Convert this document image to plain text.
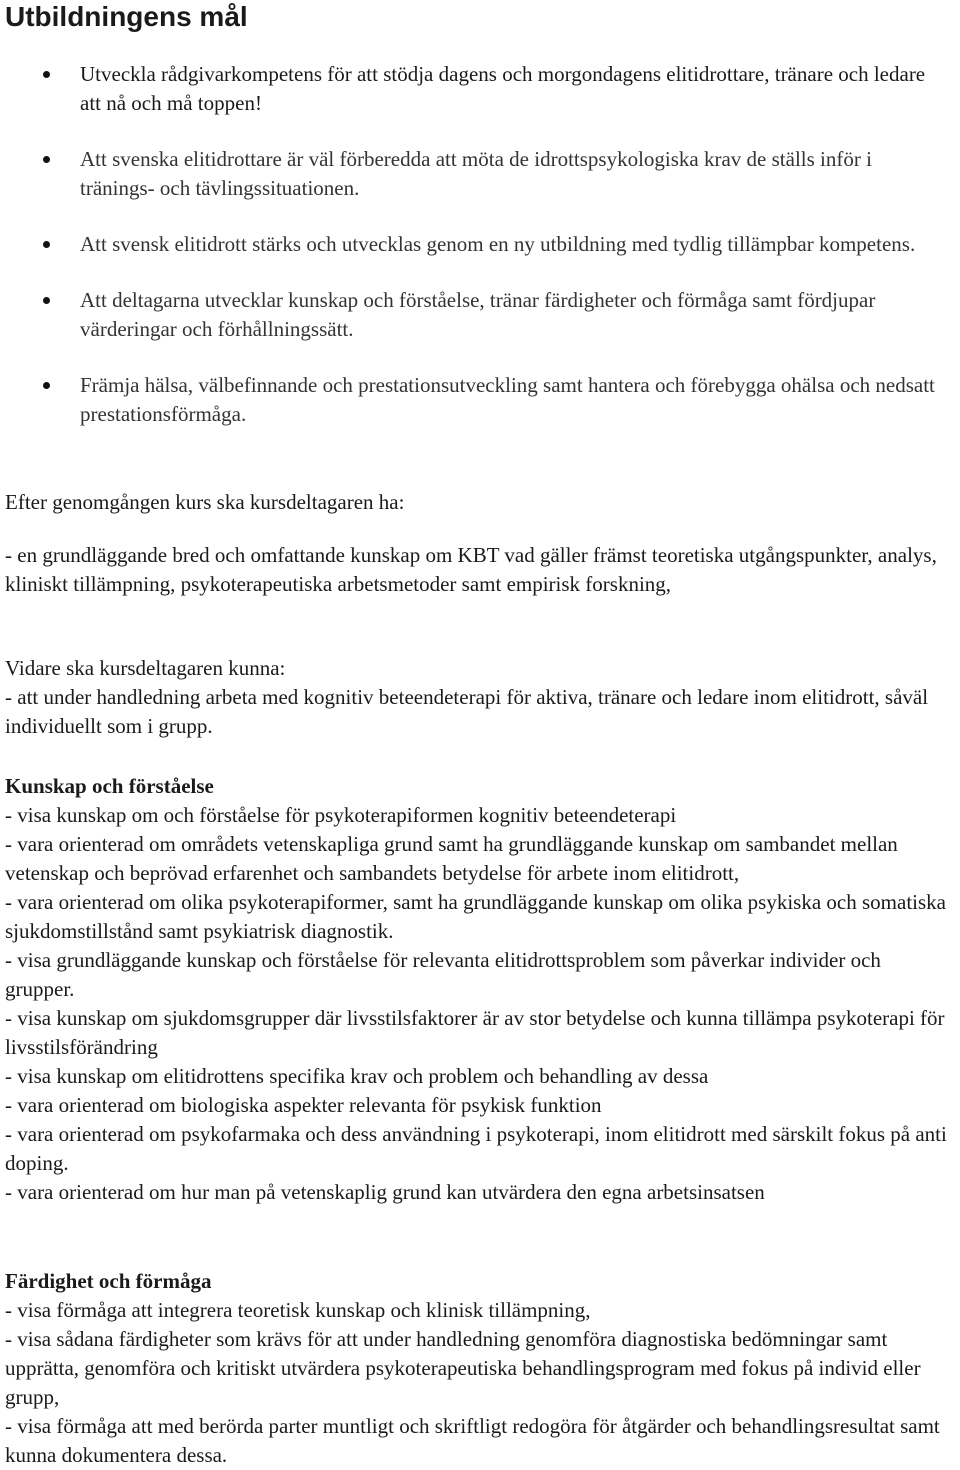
Utbildningens mål
Utveckla rådgivarkompetens för att stödja dagens och morgondagens elitidrottare, tränare och ledare att nå och må toppen!
Att svenska elitidrottare är väl förberedda att möta de idrottspsykologiska krav de ställs inför i tränings- och tävlingssituationen.
Att svensk elitidrott stärks och utvecklas genom en ny utbildning med tydlig tillämpbar kompetens.
Att deltagarna utvecklar kunskap och förståelse, tränar färdigheter och förmåga samt fördjupar värderingar och förhållningssätt.
Främja hälsa, välbefinnande och prestationsutveckling samt hantera och förebygga ohälsa och nedsatt prestationsförmåga.

Efter genomgången kurs ska kursdeltagaren ha:

- en grundläggande bred och omfattande kunskap om KBT vad gäller främst teoretiska utgångspunkter, analys, kliniskt tillämpning, psykoterapeutiska arbetsmetoder samt empirisk forskning,

Vidare ska kursdeltagaren kunna:
- att under handledning arbeta med kognitiv beteendeterapi för aktiva, tränare och ledare inom elitidrott, såväl individuellt som i grupp.
Kunskap och förståelse
- visa kunskap om och förståelse för psykoterapiformen kognitiv beteendeterapi
- vara orienterad om områdets vetenskapliga grund samt ha grundläggande kunskap om sambandet mellan vetenskap och beprövad erfarenhet och sambandets betydelse för arbete inom elitidrott,
- vara orienterad om olika psykoterapiformer, samt ha grundläggande kunskap om olika psykiska och somatiska sjukdomstillstånd samt psykiatrisk diagnostik.
- visa grundläggande kunskap och förståelse för relevanta elitidrottsproblem som påverkar individer och grupper.
- visa kunskap om sjukdomsgrupper där livsstilsfaktorer är av stor betydelse och kunna tillämpa psykoterapi för livsstilsförändring
- visa kunskap om elitidrottens specifika krav och problem och behandling av dessa
- vara orienterad om biologiska aspekter relevanta för psykisk funktion
- vara orienterad om psykofarmaka och dess användning i psykoterapi, inom elitidrott med särskilt fokus på anti doping.
- vara orienterad om hur man på vetenskaplig grund kan utvärdera den egna arbetsinsatsen
Färdighet och förmåga
- visa förmåga att integrera teoretisk kunskap och klinisk tillämpning,
- visa sådana färdigheter som krävs för att under handledning genomföra diagnostiska bedömningar samt upprätta, genomföra och kritiskt utvärdera psykoterapeutiska behandlingsprogram med fokus på individ eller grupp,
- visa förmåga att med berörda parter muntligt och skriftligt redogöra för åtgärder och behandlingsresultat samt kunna dokumentera dessa.
